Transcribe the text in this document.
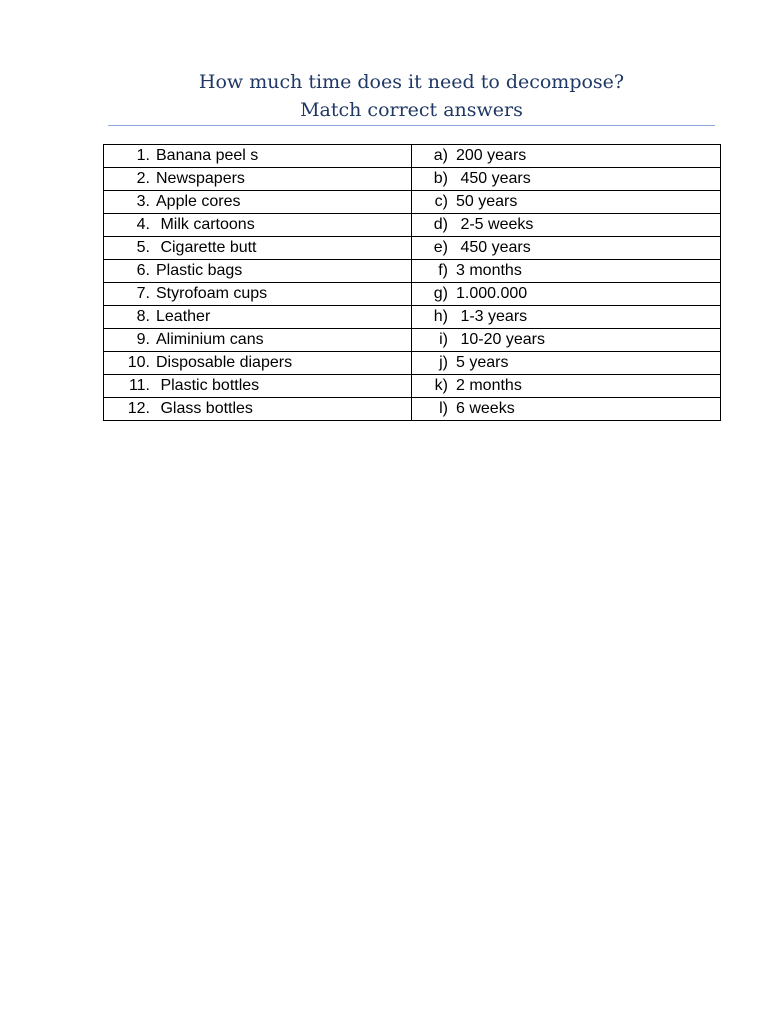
How much time does it need to decompose?
Match correct answers
1. Banana peel s	a) 200 years
2. Newspapers	b) 450 years
3. Apple cores	c) 50 years
4. Milk cartoons	d) 2-5 weeks
5. Cigarette butt	e) 450 years
6. Plastic bags	f) 3 months
7. Styrofoam cups	g) 1.000.000
8. Leather	h) 1-3 years
9. Aliminium cans	i) 10-20 years
10. Disposable diapers	j) 5 years
11. Plastic bottles	k) 2 months
12. Glass bottles	l) 6 weeks
